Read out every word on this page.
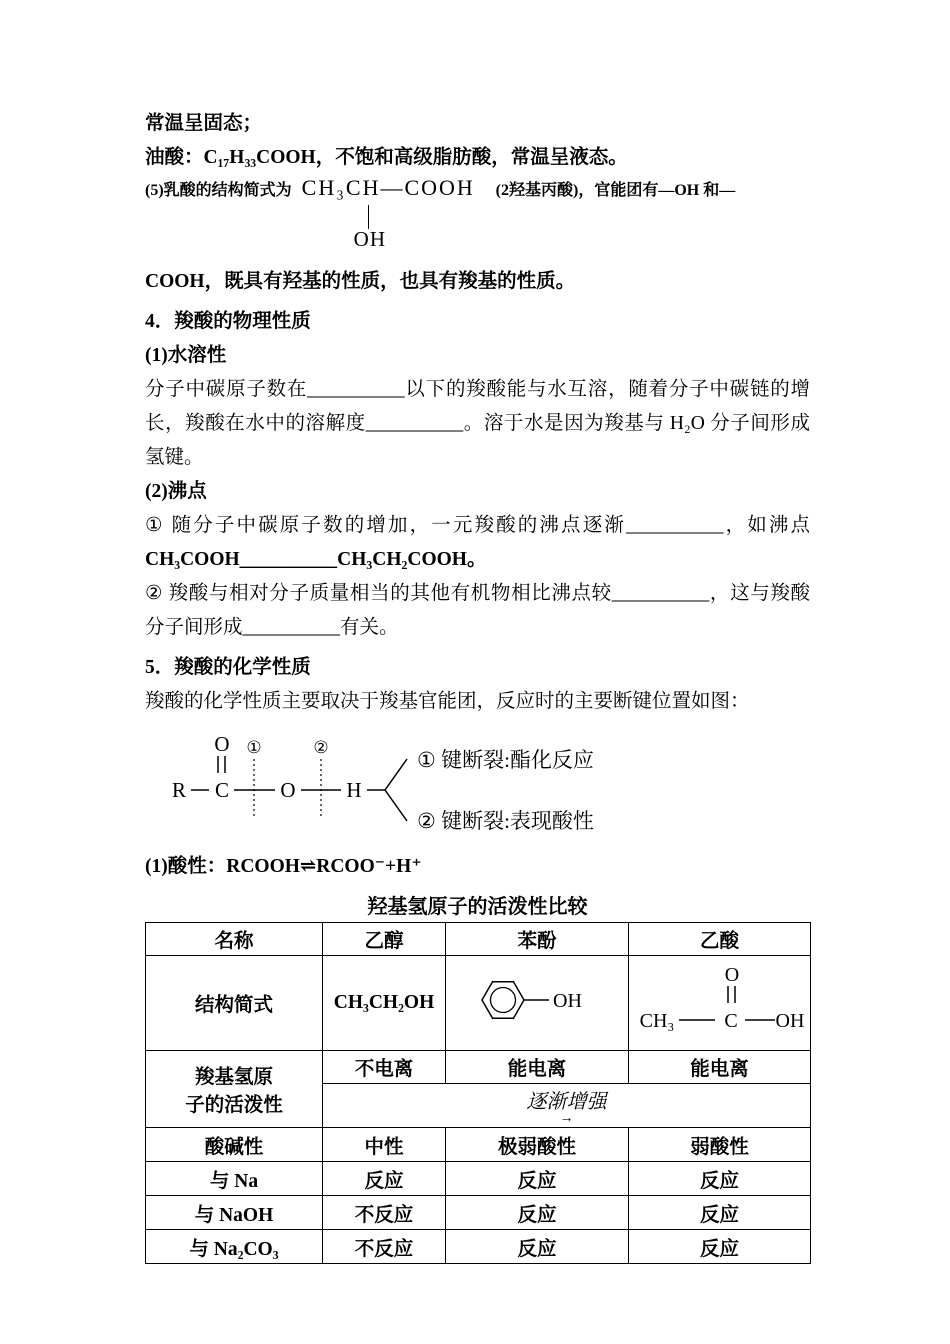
常温呈固态；

油酸：C₁₇H₃₃COOH，不饱和高级脂肪酸，常温呈液态。

(5)乳酸的结构简式为 CH₃CH—COOH
OH
(2羟基丙酸)，官能团有—OH 和—

COOH，既具有羟基的性质，也具有羧基的性质。

4．羧酸的物理性质

(1)水溶性

分子中碳原子数在__________以下的羧酸能与水互溶，随着分子中碳链的增长，羧酸在水中的溶解度__________。溶于水是因为羧基与 H₂O 分子间形成氢键。

(2)沸点

① 随分子中碳原子数的增加，一元羧酸的沸点逐渐__________，如沸点CH₃COOH__________CH₃CH₂COOH。

② 羧酸与相对分子质量相当的其他有机物相比沸点较__________，这与羧酸分子间形成__________有关。

5．羧酸的化学性质

羧酸的化学性质主要取决于羧基官能团，反应时的主要断键位置如图：

O
R C O H
①	②
① 键断裂:酯化反应
② 键断裂:表现酸性

(1)酸性：RCOOH⇌RCOO⁻+H⁺

羟基氢原子的活泼性比较
名称	乙醇	苯酚	乙酸
结构简式	CH₃CH₂OH	OH	O
CH₃ C OH

羧基氢原
子的活泼性	不电离	能电离	能电离

	逐渐增强
→		

酸碱性	中性	极弱酸性	弱酸性
与 Na	反应	反应	反应
与 NaOH	不反应	反应	反应
与 Na₂CO₃	不反应	反应	反应
